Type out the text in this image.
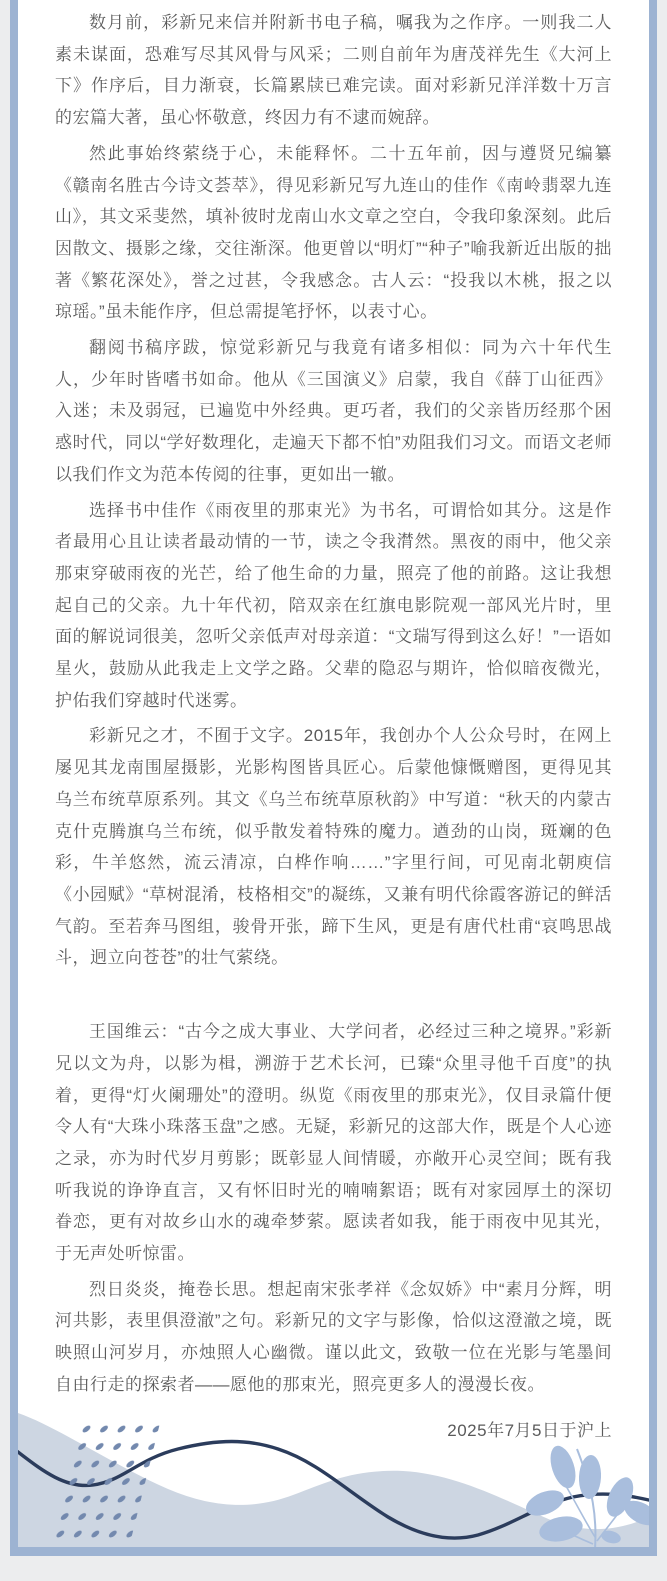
数月前，彩新兄来信并附新书电子稿，嘱我为之作序。一则我二人素未谋面，恐难写尽其风骨与风采；二则自前年为唐茂祥先生《大河上下》作序后，目力渐衰，长篇累牍已难完读。面对彩新兄洋洋数十万言的宏篇大著，虽心怀敬意，终因力有不逮而婉辞。

然此事始终萦绕于心，未能释怀。二十五年前，因与遵贤兄编纂《赣南名胜古今诗文荟萃》，得见彩新兄写九连山的佳作《南岭翡翠九连山》，其文采斐然，填补彼时龙南山水文章之空白，令我印象深刻。此后因散文、摄影之缘，交往渐深。他更曾以“明灯”“种子”喻我新近出版的拙著《繁花深处》，誉之过甚，令我感念。古人云：“投我以木桃，报之以琼瑶。”虽未能作序，但总需提笔抒怀，以表寸心。

翻阅书稿序跋，惊觉彩新兄与我竟有诸多相似：同为六十年代生人，少年时皆嗜书如命。他从《三国演义》启蒙，我自《薛丁山征西》入迷；未及弱冠，已遍览中外经典。更巧者，我们的父亲皆历经那个困惑时代，同以“学好数理化，走遍天下都不怕”劝阻我们习文。而语文老师以我们作文为范本传阅的往事，更如出一辙。

选择书中佳作《雨夜里的那束光》为书名，可谓恰如其分。这是作者最用心且让读者最动情的一节，读之令我潸然。黑夜的雨中，他父亲那束穿破雨夜的光芒，给了他生命的力量，照亮了他的前路。这让我想起自己的父亲。九十年代初，陪双亲在红旗电影院观一部风光片时，里面的解说词很美，忽听父亲低声对母亲道：“文瑞写得到这么好！”一语如星火，鼓励从此我走上文学之路。父辈的隐忍与期许，恰似暗夜微光，护佑我们穿越时代迷雾。

彩新兄之才，不囿于文字。2015年，我创办个人公众号时，在网上屡见其龙南围屋摄影，光影构图皆具匠心。后蒙他慷慨赠图，更得见其乌兰布统草原系列。其文《乌兰布统草原秋韵》中写道：“秋天的内蒙古克什克腾旗乌兰布统，似乎散发着特殊的魔力。遒劲的山岗，斑斓的色彩，牛羊悠然，流云清凉，白桦作响……”字里行间，可见南北朝庾信《小园赋》“草树混淆，枝格相交”的凝练，又兼有明代徐霞客游记的鲜活气韵。至若奔马图组，骏骨开张，蹄下生风，更是有唐代杜甫“哀鸣思战斗，迥立向苍苍”的壮气萦绕。

王国维云：“古今之成大事业、大学问者，必经过三种之境界。”彩新兄以文为舟，以影为楫，溯游于艺术长河，已臻“众里寻他千百度”的执着，更得“灯火阑珊处”的澄明。纵览《雨夜里的那束光》，仅目录篇什便令人有“大珠小珠落玉盘”之感。无疑，彩新兄的这部大作，既是个人心迹之录，亦为时代岁月剪影；既彰显人间情暖，亦敞开心灵空间；既有我听我说的诤诤直言，又有怀旧时光的喃喃絮语；既有对家园厚土的深切眷恋，更有对故乡山水的魂牵梦萦。愿读者如我，能于雨夜中见其光，于无声处听惊雷。

烈日炎炎，掩卷长思。想起南宋张孝祥《念奴娇》中“素月分辉，明河共影，表里俱澄澈”之句。彩新兄的文字与影像，恰似这澄澈之境，既映照山河岁月，亦烛照人心幽微。谨以此文，致敬一位在光影与笔墨间自由行走的探索者——愿他的那束光，照亮更多人的漫漫长夜。

2025年7月5日于沪上
